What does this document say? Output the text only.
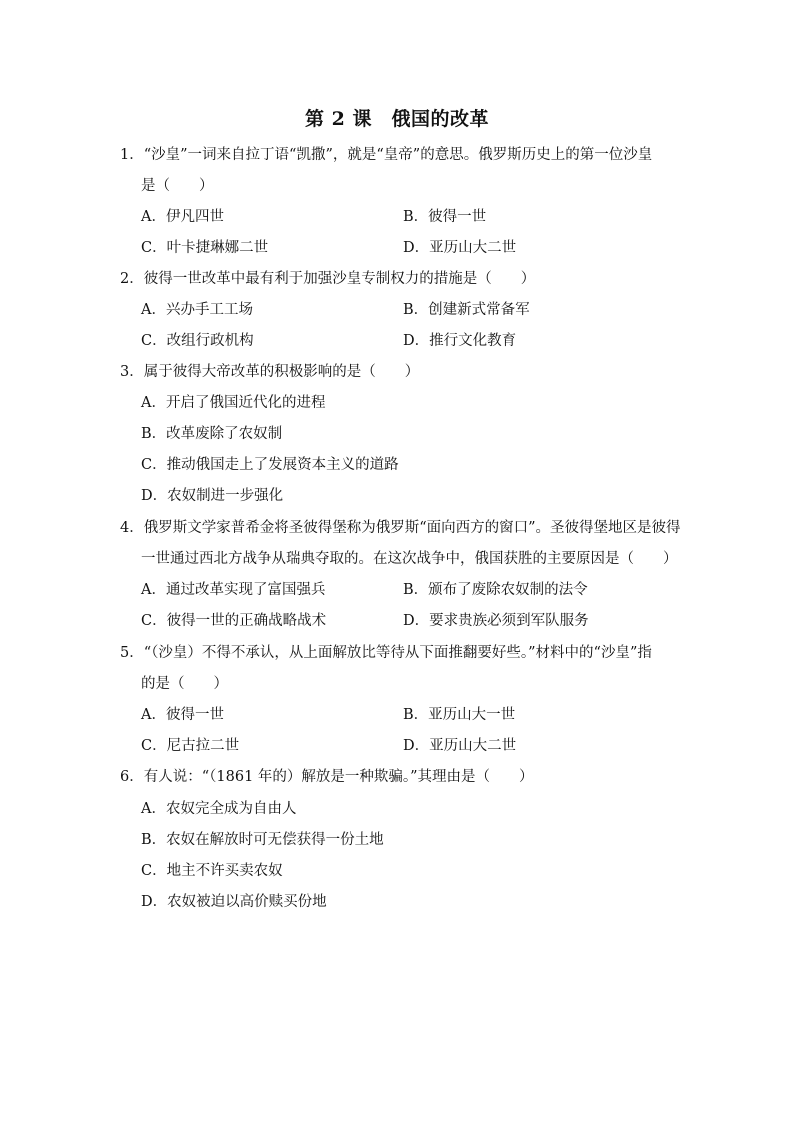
第 2 课　俄国的改革
1．“沙皇”一词来自拉丁语“凯撒”，就是“皇帝”的意思。俄罗斯历史上的第一位沙皇
是（　　）
A．伊凡四世	B．彼得一世
C．叶卡捷琳娜二世	D．亚历山大二世
2．彼得一世改革中最有利于加强沙皇专制权力的措施是（　　）
A．兴办手工工场	B．创建新式常备军
C．改组行政机构	D．推行文化教育
3．属于彼得大帝改革的积极影响的是（　　）
A．开启了俄国近代化的进程
B．改革废除了农奴制
C．推动俄国走上了发展资本主义的道路
D．农奴制进一步强化
4．俄罗斯文学家普希金将圣彼得堡称为俄罗斯“面向西方的窗口”。圣彼得堡地区是彼得
一世通过西北方战争从瑞典夺取的。在这次战争中，俄国获胜的主要原因是（　　）
A．通过改革实现了富国强兵	B．颁布了废除农奴制的法令
C．彼得一世的正确战略战术	D．要求贵族必须到军队服务
5．“（沙皇）不得不承认，从上面解放比等待从下面推翻要好些。”材料中的“沙皇”指
的是（　　）
A．彼得一世	B．亚历山大一世
C．尼古拉二世	D．亚历山大二世
6．有人说：“（1861 年的）解放是一种欺骗。”其理由是（　　）
A．农奴完全成为自由人
B．农奴在解放时可无偿获得一份土地
C．地主不许买卖农奴
D．农奴被迫以高价赎买份地
